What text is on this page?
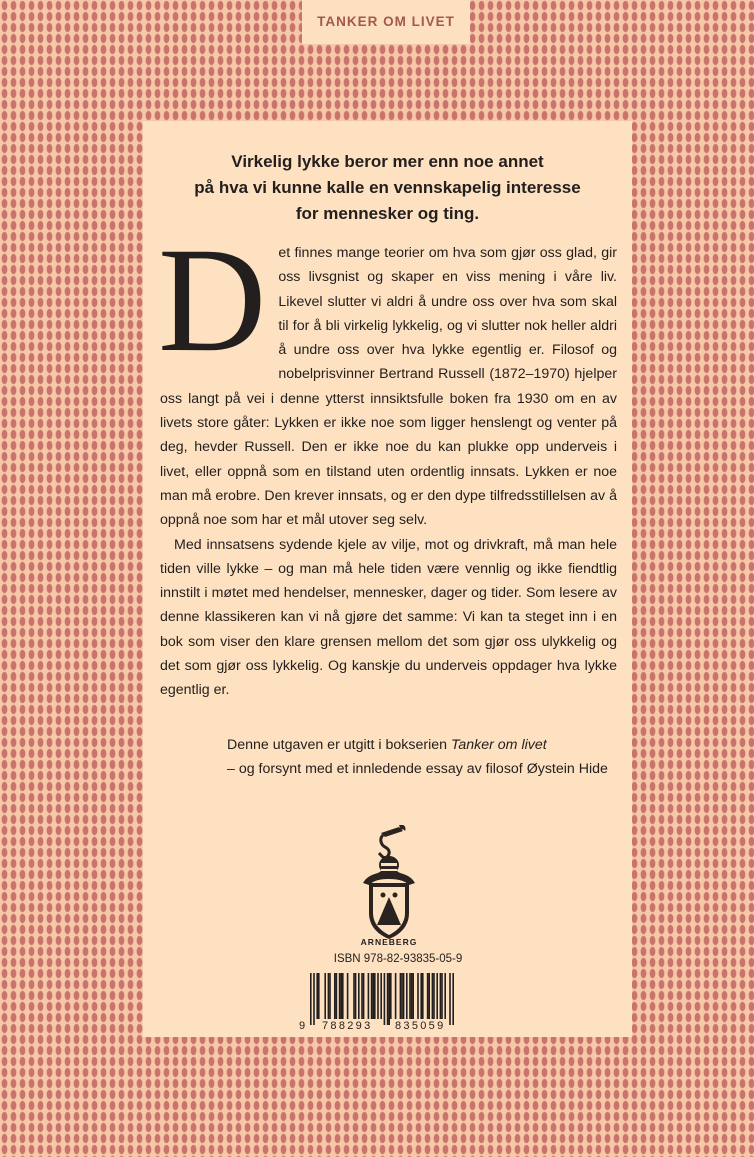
TANKER OM LIVET
Virkelig lykke beror mer enn noe annet
på hva vi kunne kalle en vennskapelig interesse
for mennesker og ting.
D et finnes mange teorier om hva som gjør oss glad, gir oss livsgnist og skaper en viss mening i våre liv. Likevel slutter vi aldri å undre oss over hva som skal til for å bli virkelig lykkelig, og vi slutter nok heller aldri å undre oss over hva lykke egentlig er. Filosof og nobelprisvinner Bertrand Russell (1872–1970) hjelper oss langt på vei i denne ytterst innsiktsfulle boken fra 1930 om en av livets store gåter: Lykken er ikke noe som ligger henslengt og venter på deg, hevder Russell. Den er ikke noe du kan plukke opp underveis i livet, eller oppnå som en tilstand uten ordentlig innsats. Lykken er noe man må erobre. Den krever innsats, og er den dype tilfredsstillelsen av å oppnå noe som har et mål utover seg selv.

Med innsatsens sydende kjele av vilje, mot og drivkraft, må man hele tiden ville lykke – og man må hele tiden være vennlig og ikke fiendtlig innstilt i møtet med hendelser, mennesker, dager og tider. Som lesere av denne klassikeren kan vi nå gjøre det samme: Vi kan ta steget inn i en bok som viser den klare grensen mellom det som gjør oss ulykkelig og det som gjør oss lykkelig. Og kanskje du underveis oppdager hva lykke egentlig er.

Denne utgaven er utgitt i bokserien Tanker om livet
– og forsynt med et innledende essay av filosof Øystein Hide
ARNEBERG
ISBN 978-82-93835-05-9
9 788293 835059
